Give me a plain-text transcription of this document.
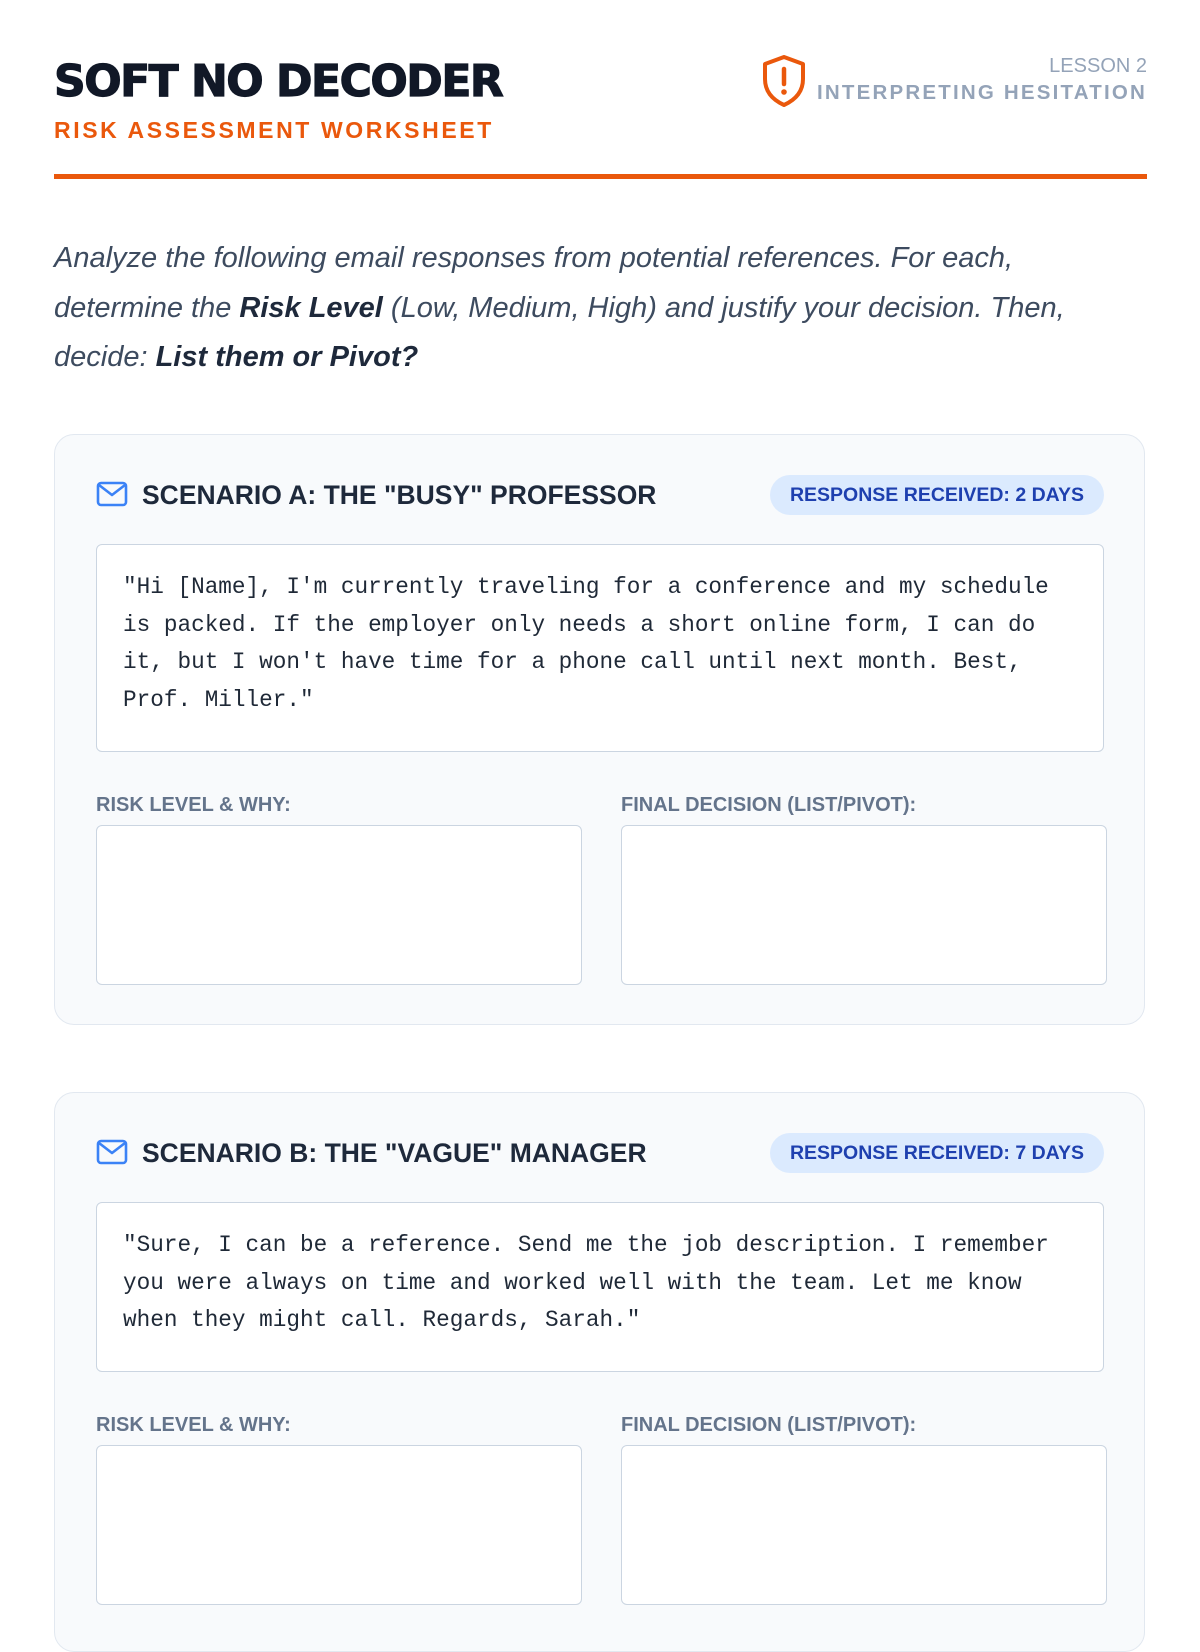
SOFT NO DECODER
RISK ASSESSMENT WORKSHEET
LESSON 2
INTERPRETING HESITATION

Analyze the following email responses from potential references. For each, determine the Risk Level (Low, Medium, High) and justify your decision. Then, decide: List them or Pivot?

SCENARIO A: THE "BUSY" PROFESSOR	RESPONSE RECEIVED: 2 DAYS
"Hi [Name], I'm currently traveling for a conference and my schedule is packed. If the employer only needs a short online form, I can do it, but I won't have time for a phone call until next month. Best, Prof. Miller."
RISK LEVEL & WHY:	FINAL DECISION (LIST/PIVOT):
SCENARIO B: THE "VAGUE" MANAGER	RESPONSE RECEIVED: 7 DAYS
"Sure, I can be a reference. Send me the job description. I remember you were always on time and worked well with the team. Let me know when they might call. Regards, Sarah."
RISK LEVEL & WHY:	FINAL DECISION (LIST/PIVOT):
